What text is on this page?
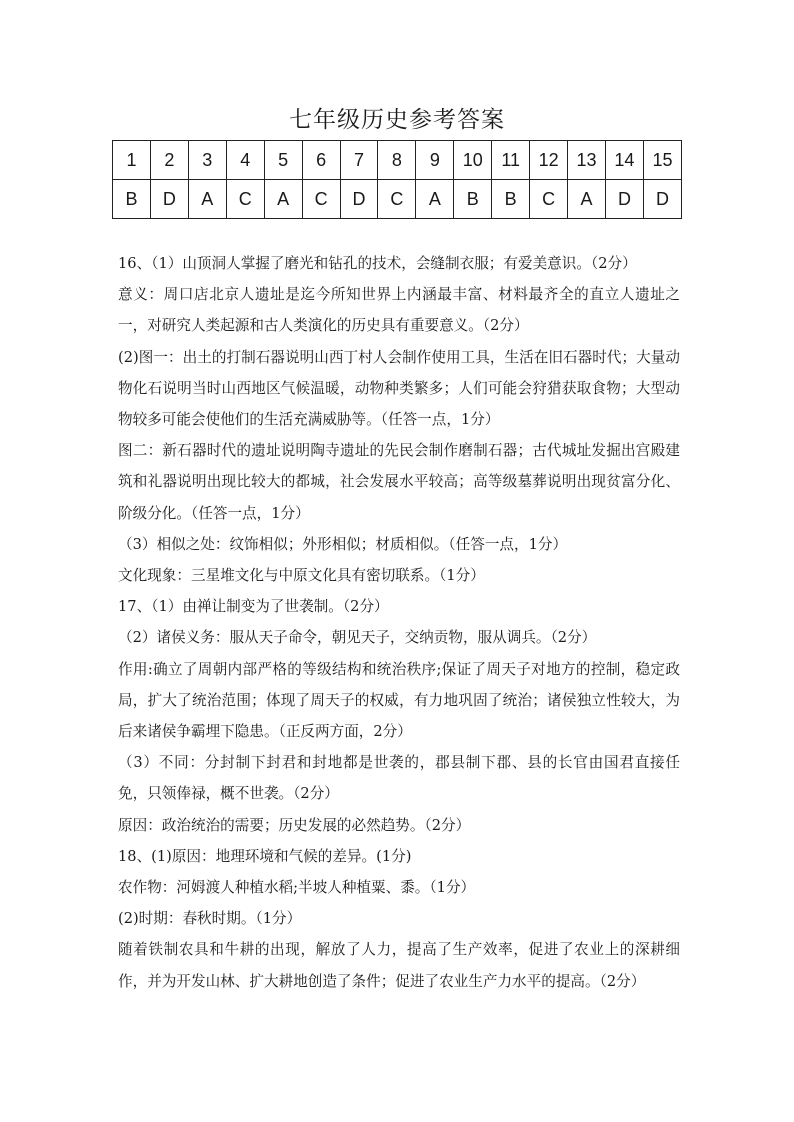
七年级历史参考答案
1	2	3	4	5	6	7	8	9	10	11	12	13	14	15
B	D	A	C	A	C	D	C	A	B	B	C	A	D	D

16、（1）山顶洞人掌握了磨光和钻孔的技术，会缝制衣服；有爱美意识。（2分）

意义：周口店北京人遗址是迄今所知世界上内涵最丰富、材料最齐全的直立人遗址之一，对研究人类起源和古人类演化的历史具有重要意义。（2分）

(2)图一：出土的打制石器说明山西丁村人会制作使用工具，生活在旧石器时代；大量动物化石说明当时山西地区气候温暖，动物种类繁多；人们可能会狩猎获取食物；大型动物较多可能会使他们的生活充满威胁等。（任答一点，1分）

图二：新石器时代的遗址说明陶寺遗址的先民会制作磨制石器；古代城址发掘出宫殿建筑和礼器说明出现比较大的都城，社会发展水平较高；高等级墓葬说明出现贫富分化、阶级分化。（任答一点，1分）

（3）相似之处：纹饰相似；外形相似；材质相似。（任答一点，1分）

文化现象：三星堆文化与中原文化具有密切联系。（1分）

17、（1）由禅让制变为了世袭制。（2分）

（2）诸侯义务：服从天子命令，朝见天子，交纳贡物，服从调兵。（2分）

作用:确立了周朝内部严格的等级结构和统治秩序;保证了周天子对地方的控制，稳定政局，扩大了统治范围；体现了周天子的权威，有力地巩固了统治；诸侯独立性较大，为后来诸侯争霸埋下隐患。（正反两方面，2分）

（3）不同：分封制下封君和封地都是世袭的，郡县制下郡、县的长官由国君直接任免，只领俸禄，概不世袭。（2分）

原因：政治统治的需要；历史发展的必然趋势。（2分）

18、(1)原因：地理环境和气候的差异。(1分)

农作物：河姆渡人种植水稻;半坡人种植粟、黍。（1分）

(2)时期：春秋时期。（1分）

随着铁制农具和牛耕的出现，解放了人力，提高了生产效率，促进了农业上的深耕细作，并为开发山林、扩大耕地创造了条件；促进了农业生产力水平的提高。（2分）
